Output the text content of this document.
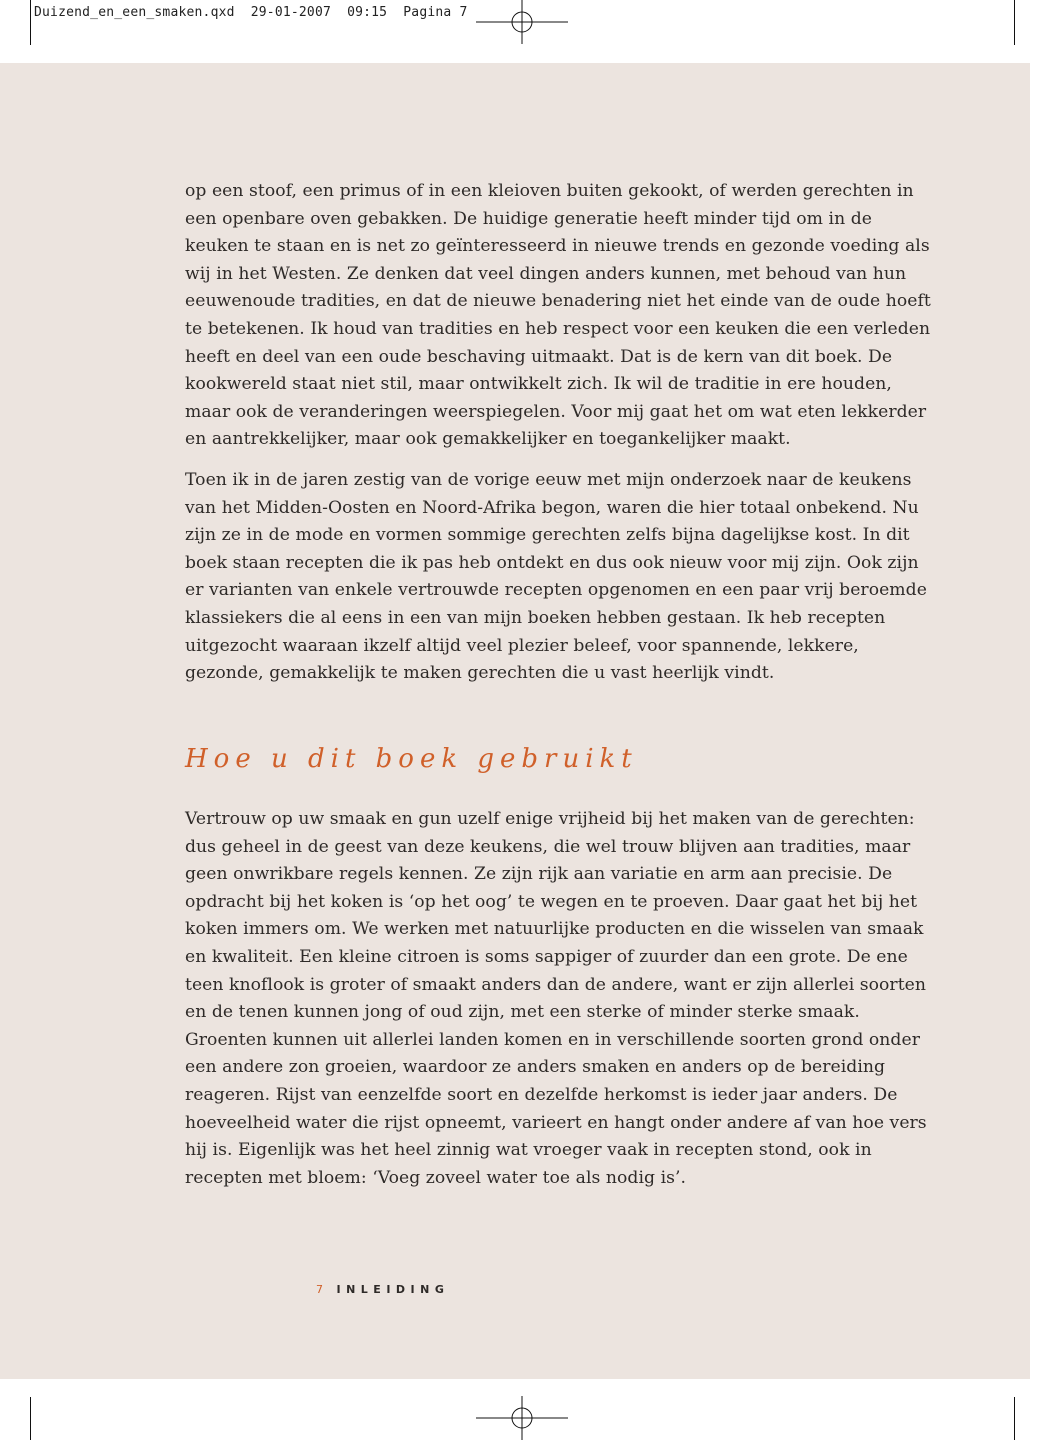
Duizend_en_een_smaken.qxd 29-01-2007 09:15 Pagina 7

op een stoof, een primus of in een kleioven buiten gekookt, of werden gerechten in
een openbare oven gebakken. De huidige generatie heeft minder tijd om in de
keuken te staan en is net zo geïnteresseerd in nieuwe trends en gezonde voeding als
wij in het Westen. Ze denken dat veel dingen anders kunnen, met behoud van hun
eeuwenoude tradities, en dat de nieuwe benadering niet het einde van de oude hoeft
te betekenen. Ik houd van tradities en heb respect voor een keuken die een verleden
heeft en deel van een oude beschaving uitmaakt. Dat is de kern van dit boek. De
kookwereld staat niet stil, maar ontwikkelt zich. Ik wil de traditie in ere houden,
maar ook de veranderingen weerspiegelen. Voor mij gaat het om wat eten lekkerder
en aantrekkelijker, maar ook gemakkelijker en toegankelijker maakt.

Toen ik in de jaren zestig van de vorige eeuw met mijn onderzoek naar de keukens
van het Midden-Oosten en Noord-Afrika begon, waren die hier totaal onbekend. Nu
zijn ze in de mode en vormen sommige gerechten zelfs bijna dagelijkse kost. In dit
boek staan recepten die ik pas heb ontdekt en dus ook nieuw voor mij zijn. Ook zijn
er varianten van enkele vertrouwde recepten opgenomen en een paar vrij beroemde
klassiekers die al eens in een van mijn boeken hebben gestaan. Ik heb recepten
uitgezocht waaraan ikzelf altijd veel plezier beleef, voor spannende, lekkere,
gezonde, gemakkelijk te maken gerechten die u vast heerlijk vindt.

Hoe u dit boek gebruikt

Vertrouw op uw smaak en gun uzelf enige vrijheid bij het maken van de gerechten:
dus geheel in de geest van deze keukens, die wel trouw blijven aan tradities, maar
geen onwrikbare regels kennen. Ze zijn rijk aan variatie en arm aan precisie. De
opdracht bij het koken is ‘op het oog’ te wegen en te proeven. Daar gaat het bij het
koken immers om. We werken met natuurlijke producten en die wisselen van smaak
en kwaliteit. Een kleine citroen is soms sappiger of zuurder dan een grote. De ene
teen knoflook is groter of smaakt anders dan de andere, want er zijn allerlei soorten
en de tenen kunnen jong of oud zijn, met een sterke of minder sterke smaak.
Groenten kunnen uit allerlei landen komen en in verschillende soorten grond onder
een andere zon groeien, waardoor ze anders smaken en anders op de bereiding
reageren. Rijst van eenzelfde soort en dezelfde herkomst is ieder jaar anders. De
hoeveelheid water die rijst opneemt, varieert en hangt onder andere af van hoe vers
hij is. Eigenlijk was het heel zinnig wat vroeger vaak in recepten stond, ook in
recepten met bloem: ‘Voeg zoveel water toe als nodig is’.

7 INLEIDING
